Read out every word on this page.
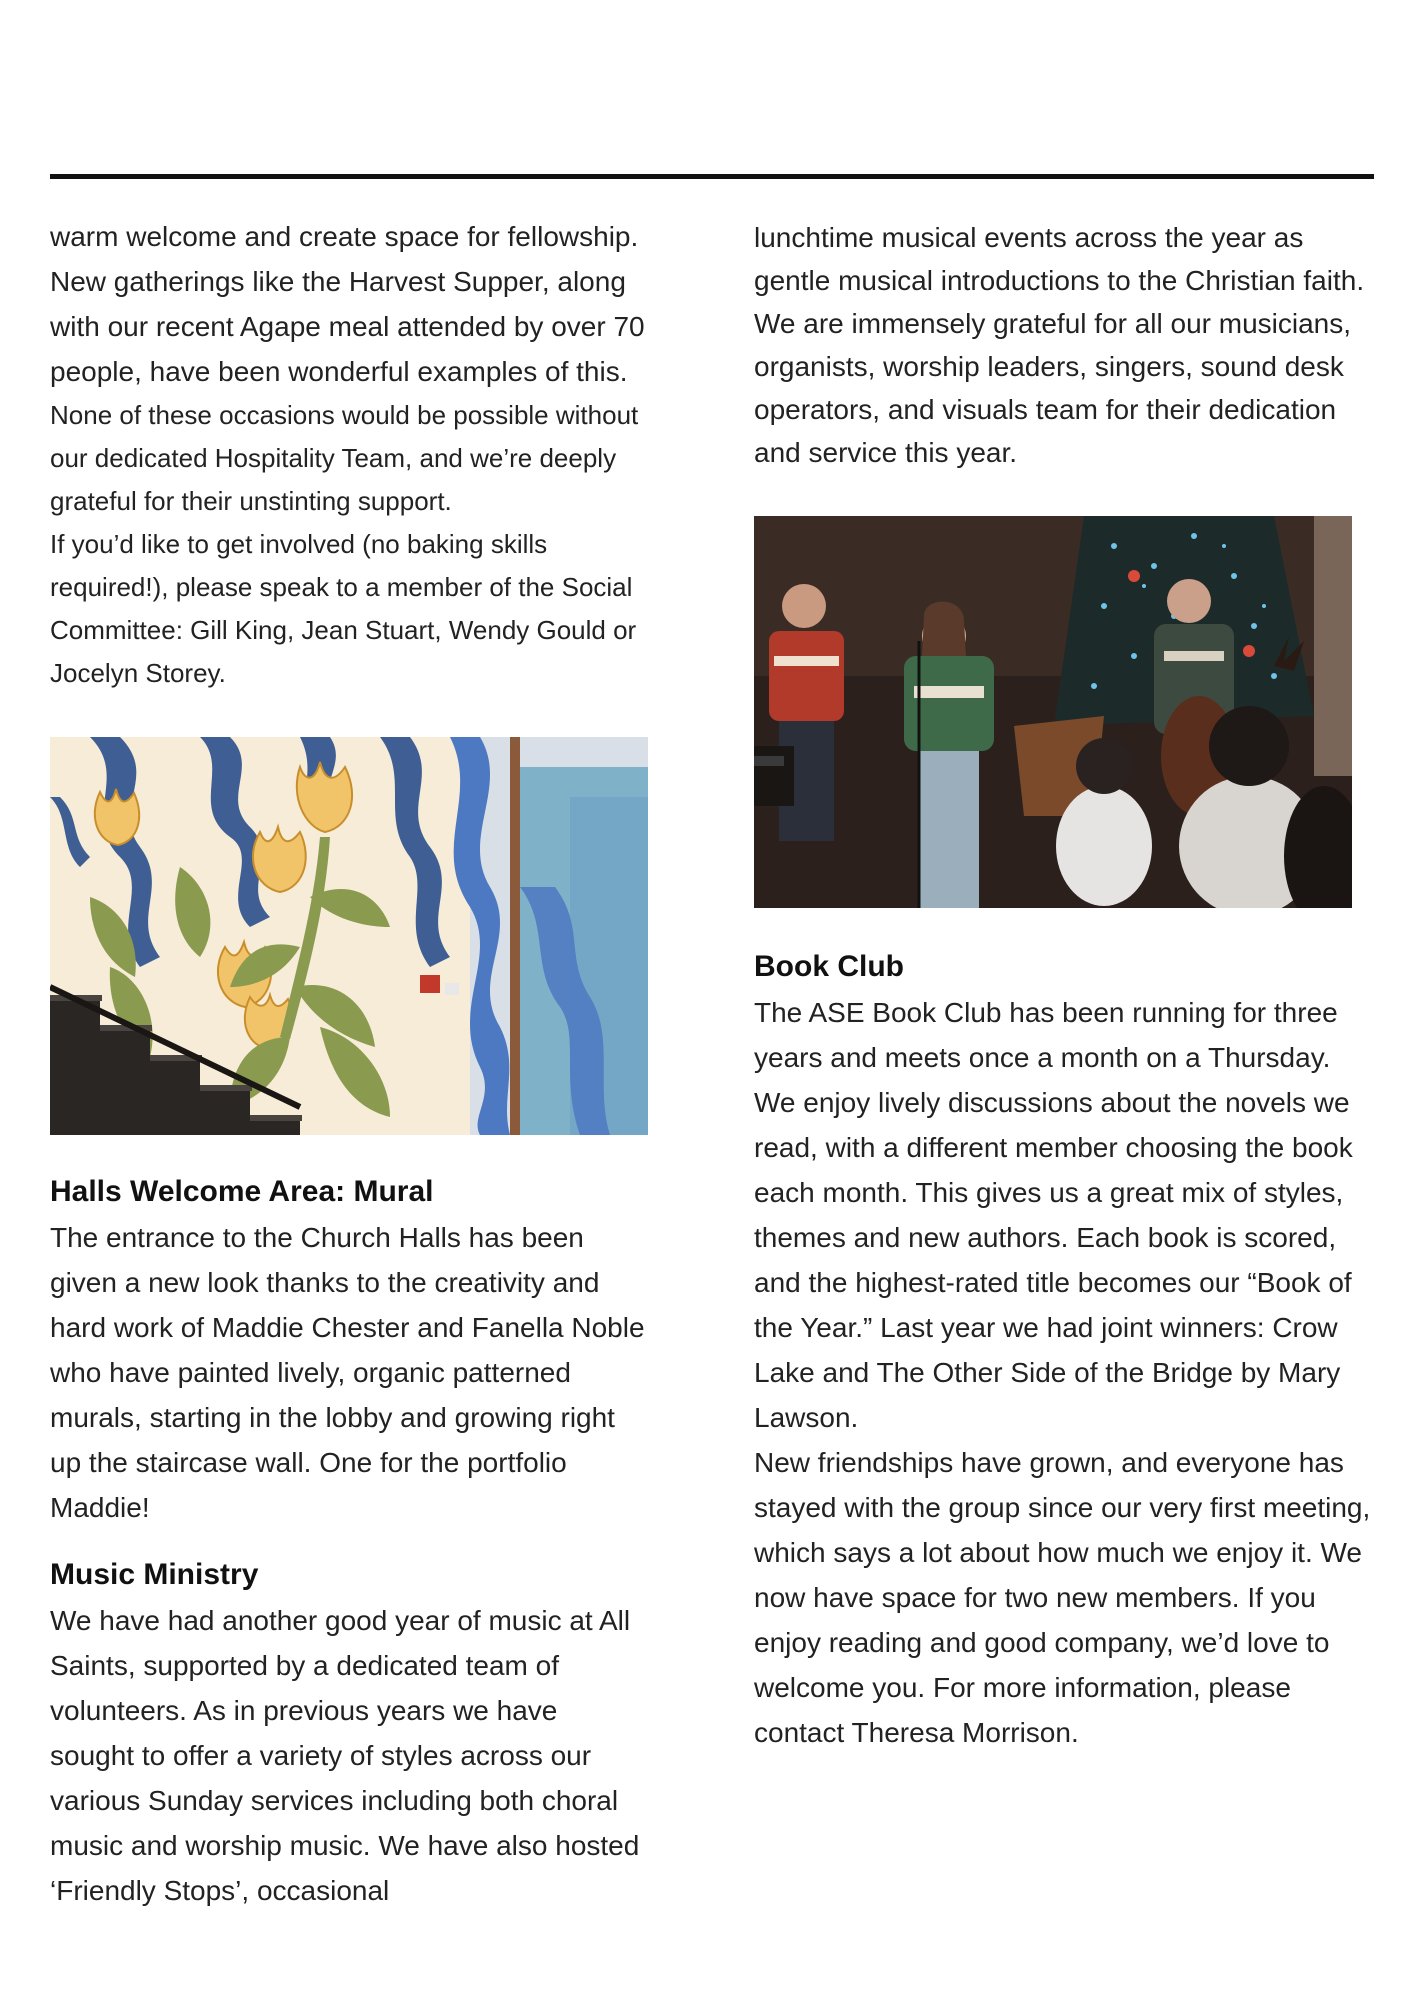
warm welcome and create space for fellowship. New gatherings like the Harvest Supper, along with our recent Agape meal attended by over 70 people, have been wonderful examples of this.

None of these occasions would be possible without our dedicated Hospitality Team, and we’re deeply grateful for their unstinting support.

If you’d like to get involved (no baking skills required!), please speak to a member of the Social Committee: Gill King, Jean Stuart, Wendy Gould or Jocelyn Storey.

Halls Welcome Area: Mural

The entrance to the Church Halls has been given a new look thanks to the creativity and hard work of Maddie Chester and Fanella Noble who have painted lively, organic patterned murals, starting in the lobby and growing right up the staircase wall. One for the portfolio Maddie!

Music Ministry

We have had another good year of music at All Saints, supported by a dedicated team of volunteers. As in previous years we have sought to offer a variety of styles across our various Sunday services including both choral music and worship music. We have also hosted ‘Friendly Stops’, occasional

lunchtime musical events across the year as gentle musical introductions to the Christian faith.

We are immensely grateful for all our musicians, organists, worship leaders, singers, sound desk operators, and visuals team for their dedication and service this year.

Book Club

The ASE Book Club has been running for three years and meets once a month on a Thursday. We enjoy lively discussions about the novels we read, with a different member choosing the book each month. This gives us a great mix of styles, themes and new authors. Each book is scored, and the highest-rated title becomes our “Book of the Year.” Last year we had joint winners: Crow Lake and The Other Side of the Bridge by Mary Lawson.

New friendships have grown, and everyone has stayed with the group since our very first meeting, which says a lot about how much we enjoy it. We now have space for two new members. If you enjoy reading and good company, we’d love to welcome you. For more information, please contact Theresa Morrison.
